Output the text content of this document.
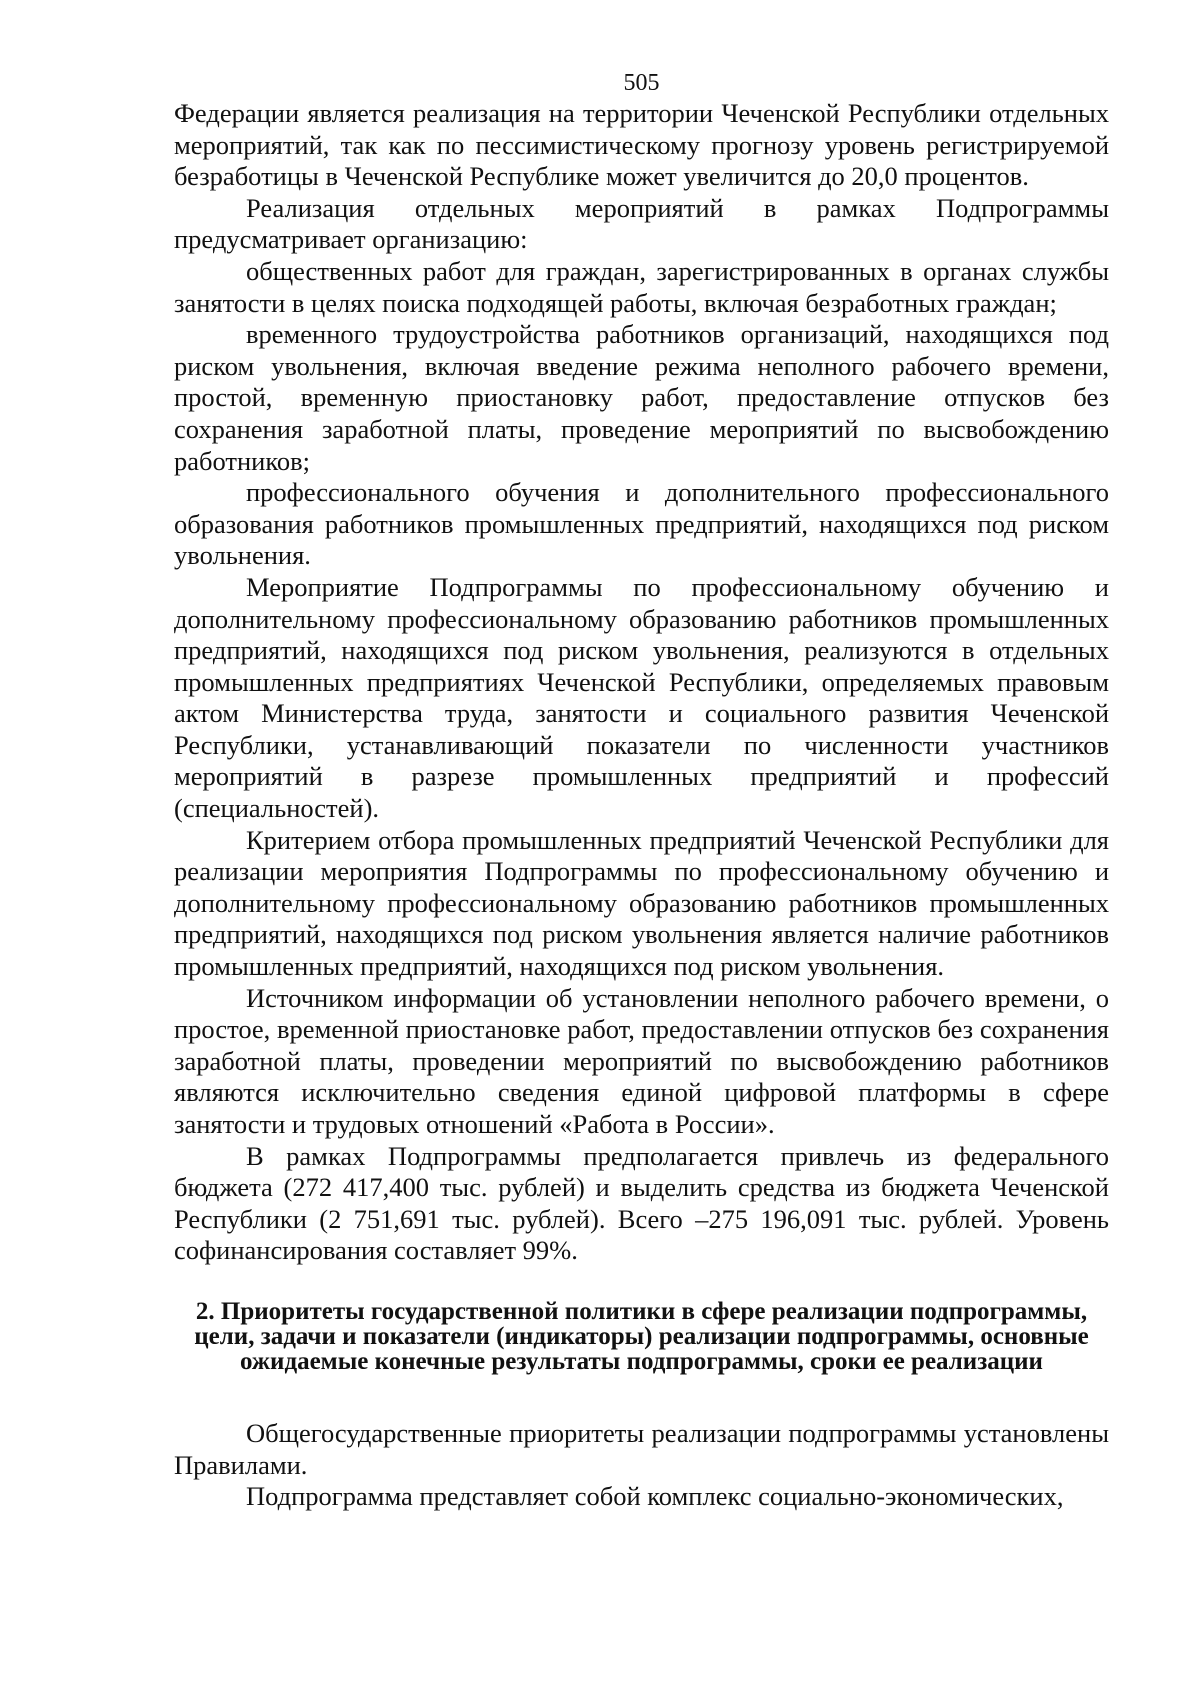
505

Федерации является реализация на территории Чеченской Республики отдельных мероприятий, так как по пессимистическому прогнозу уровень регистрируемой безработицы в Чеченской Республике может увеличится до 20,0 процентов.

Реализация отдельных мероприятий в рамках Подпрограммы предусматривает организацию:

общественных работ для граждан, зарегистрированных в органах службы занятости в целях поиска подходящей работы, включая безработных граждан;

временного трудоустройства работников организаций, находящихся под риском увольнения, включая введение режима неполного рабочего времени, простой, временную приостановку работ, предоставление отпусков без сохранения заработной платы, проведение мероприятий по высвобождению работников;

профессионального обучения и дополнительного профессионального образования работников промышленных предприятий, находящихся под риском увольнения.

Мероприятие Подпрограммы по профессиональному обучению и дополнительному профессиональному образованию работников промышленных предприятий, находящихся под риском увольнения, реализуются в отдельных промышленных предприятиях Чеченской Республики, определяемых правовым актом Министерства труда, занятости и социального развития Чеченской Республики, устанавливающий показатели по численности участников мероприятий в разрезе промышленных предприятий и профессий (специальностей).

Критерием отбора промышленных предприятий Чеченской Республики для реализации мероприятия Подпрограммы по профессиональному обучению и дополнительному профессиональному образованию работников промышленных предприятий, находящихся под риском увольнения является наличие работников промышленных предприятий, находящихся под риском увольнения.

Источником информации об установлении неполного рабочего времени, о простое, временной приостановке работ, предоставлении отпусков без сохранения заработной платы, проведении мероприятий по высвобождению работников являются исключительно сведения единой цифровой платформы в сфере занятости и трудовых отношений «Работа в России».

В рамках Подпрограммы предполагается привлечь из федерального бюджета (272 417,400 тыс. рублей) и выделить средства из бюджета Чеченской Республики (2 751,691 тыс. рублей). Всего –275 196,091 тыс. рублей. Уровень софинансирования составляет 99%.

2. Приоритеты государственной политики в сфере реализации подпрограммы, цели, задачи и показатели (индикаторы) реализации подпрограммы, основные ожидаемые конечные результаты подпрограммы, сроки ее реализации

Общегосударственные приоритеты реализации подпрограммы установлены Правилами.

Подпрограмма представляет собой комплекс социально-экономических,
